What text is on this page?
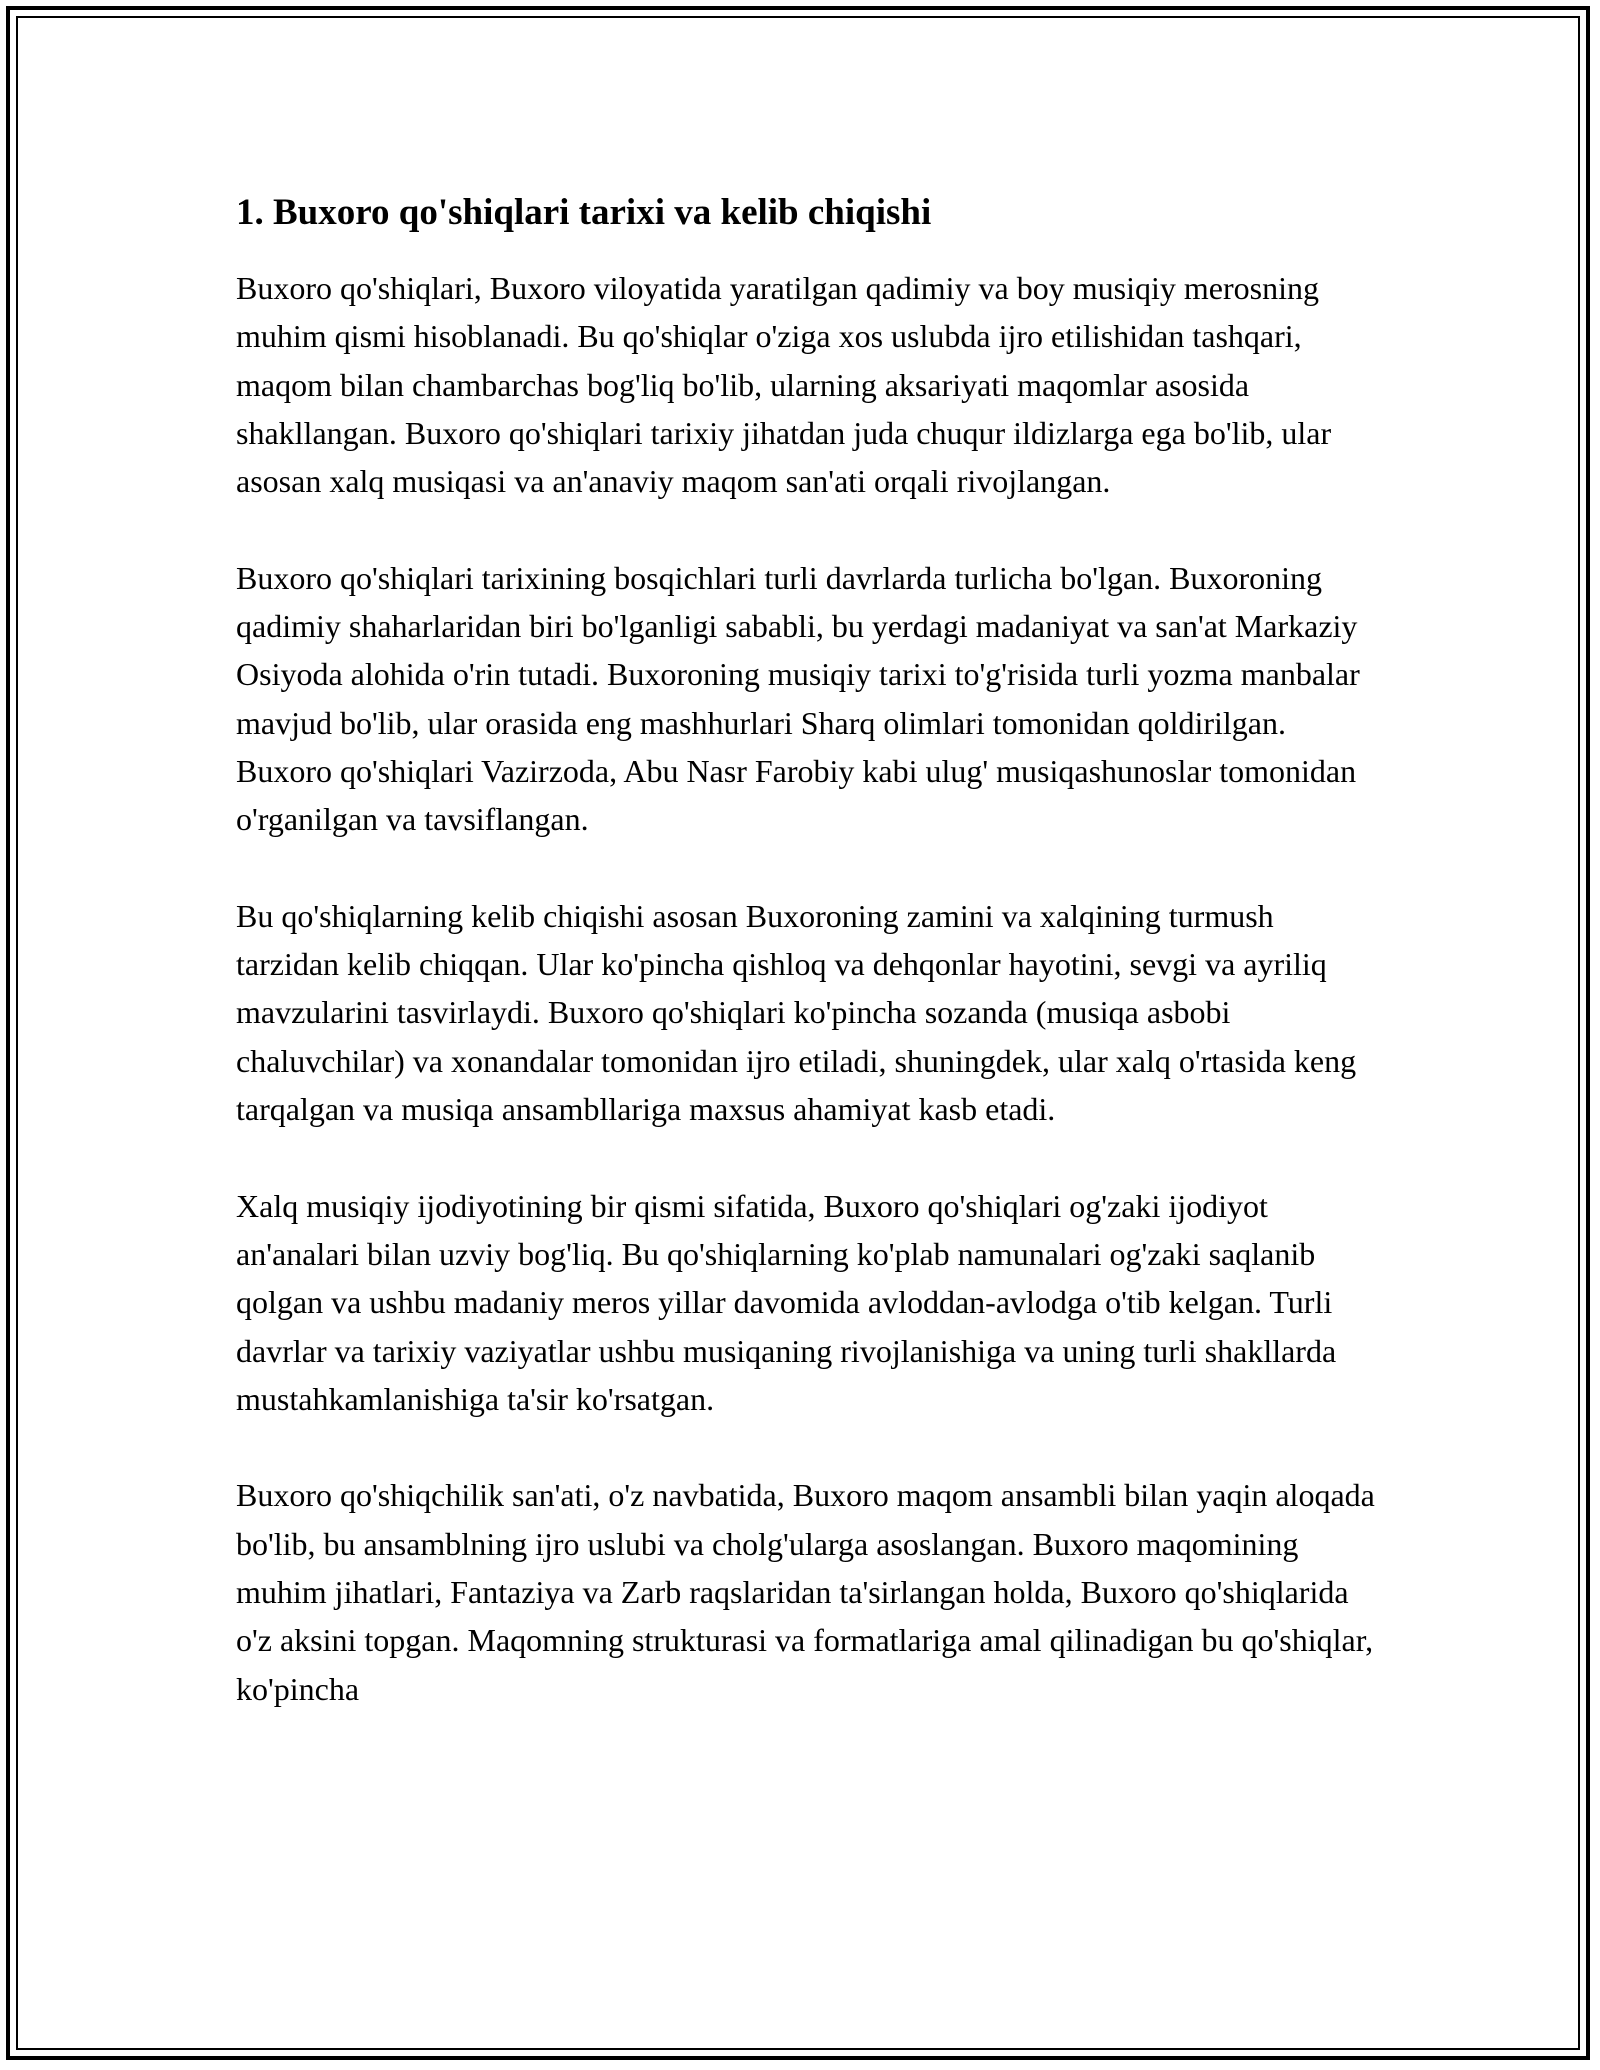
1. Buxoro qo'shiqlari tarixi va kelib chiqishi

Buxoro qo'shiqlari, Buxoro viloyatida yaratilgan qadimiy va boy musiqiy merosning muhim qismi hisoblanadi. Bu qo'shiqlar o'ziga xos uslubda ijro etilishidan tashqari, maqom bilan chambarchas bog'liq bo'lib, ularning aksariyati maqomlar asosida shakllangan. Buxoro qo'shiqlari tarixiy jihatdan juda chuqur ildizlarga ega bo'lib, ular asosan xalq musiqasi va an'anaviy maqom san'ati orqali rivojlangan.

Buxoro qo'shiqlari tarixining bosqichlari turli davrlarda turlicha bo'lgan. Buxoroning qadimiy shaharlaridan biri bo'lganligi sababli, bu yerdagi madaniyat va san'at Markaziy Osiyoda alohida o'rin tutadi. Buxoroning musiqiy tarixi to'g'risida turli yozma manbalar mavjud bo'lib, ular orasida eng mashhurlari Sharq olimlari tomonidan qoldirilgan. Buxoro qo'shiqlari Vazirzoda, Abu Nasr Farobiy kabi ulug' musiqashunoslar tomonidan o'rganilgan va tavsiflangan.

Bu qo'shiqlarning kelib chiqishi asosan Buxoroning zamini va xalqining turmush tarzidan kelib chiqqan. Ular ko'pincha qishloq va dehqonlar hayotini, sevgi va ayriliq mavzularini tasvirlaydi. Buxoro qo'shiqlari ko'pincha sozanda (musiqa asbobi chaluvchilar) va xonandalar tomonidan ijro etiladi, shuningdek, ular xalq o'rtasida keng tarqalgan va musiqa ansambllariga maxsus ahamiyat kasb etadi.

Xalq musiqiy ijodiyotining bir qismi sifatida, Buxoro qo'shiqlari og'zaki ijodiyot an'analari bilan uzviy bog'liq. Bu qo'shiqlarning ko'plab namunalari og'zaki saqlanib qolgan va ushbu madaniy meros yillar davomida avloddan-avlodga o'tib kelgan. Turli davrlar va tarixiy vaziyatlar ushbu musiqaning rivojlanishiga va uning turli shakllarda mustahkamlanishiga ta'sir ko'rsatgan.

Buxoro qo'shiqchilik san'ati, o'z navbatida, Buxoro maqom ansambli bilan yaqin aloqada bo'lib, bu ansamblning ijro uslubi va cholg'ularga asoslangan. Buxoro maqomining muhim jihatlari, Fantaziya va Zarb raqslaridan ta'sirlangan holda, Buxoro qo'shiqlarida o'z aksini topgan. Maqomning strukturasi va formatlariga amal qilinadigan bu qo'shiqlar, ko'pincha
